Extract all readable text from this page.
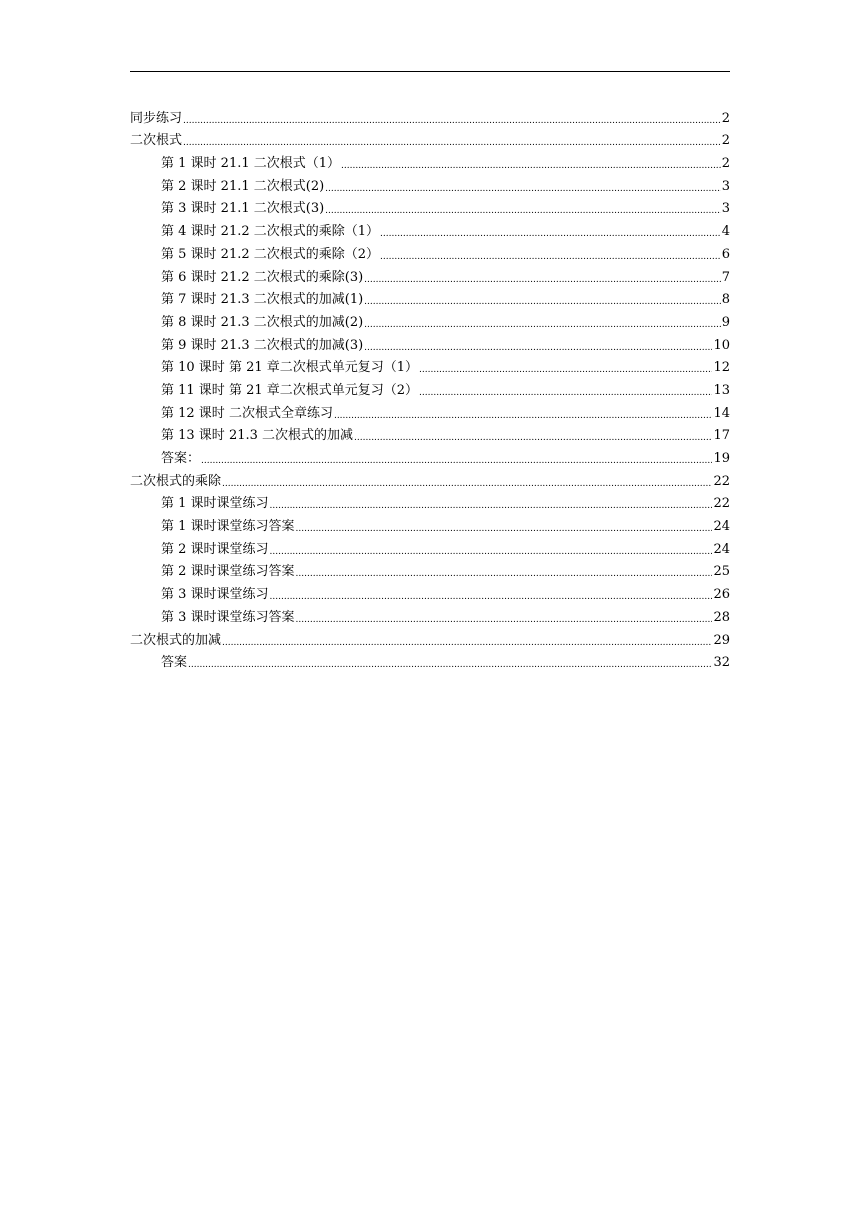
同步练习 .....	2
二次根式 .....	2
第 1 课时 21.1 二次根式（1） .....	2
第 2 课时 21.1 二次根式(2) .....	3
第 3 课时 21.1 二次根式(3) .....	3
第 4 课时 21.2 二次根式的乘除（1） .....	4
第 5 课时 21.2 二次根式的乘除（2） .....	6
第 6 课时 21.2 二次根式的乘除(3) .....	7
第 7 课时 21.3 二次根式的加减(1) .....	8
第 8 课时 21.3 二次根式的加减(2) .....	9
第 9 课时 21.3 二次根式的加减(3) .....	10
第 10 课时 第 21 章二次根式单元复习（1） .....	12
第 11 课时 第 21 章二次根式单元复习（2） .....	13
第 12 课时 二次根式全章练习 .....	14
第 13 课时 21.3 二次根式的加减 .....	17
答案： .....	19
二次根式的乘除 .....	22
第 1 课时课堂练习 .....	22
第 1 课时课堂练习答案 .....	24
第 2 课时课堂练习 .....	24
第 2 课时课堂练习答案 .....	25
第 3 课时课堂练习 .....	26
第 3 课时课堂练习答案 .....	28
二次根式的加减 .....	29
答案 .....	32
